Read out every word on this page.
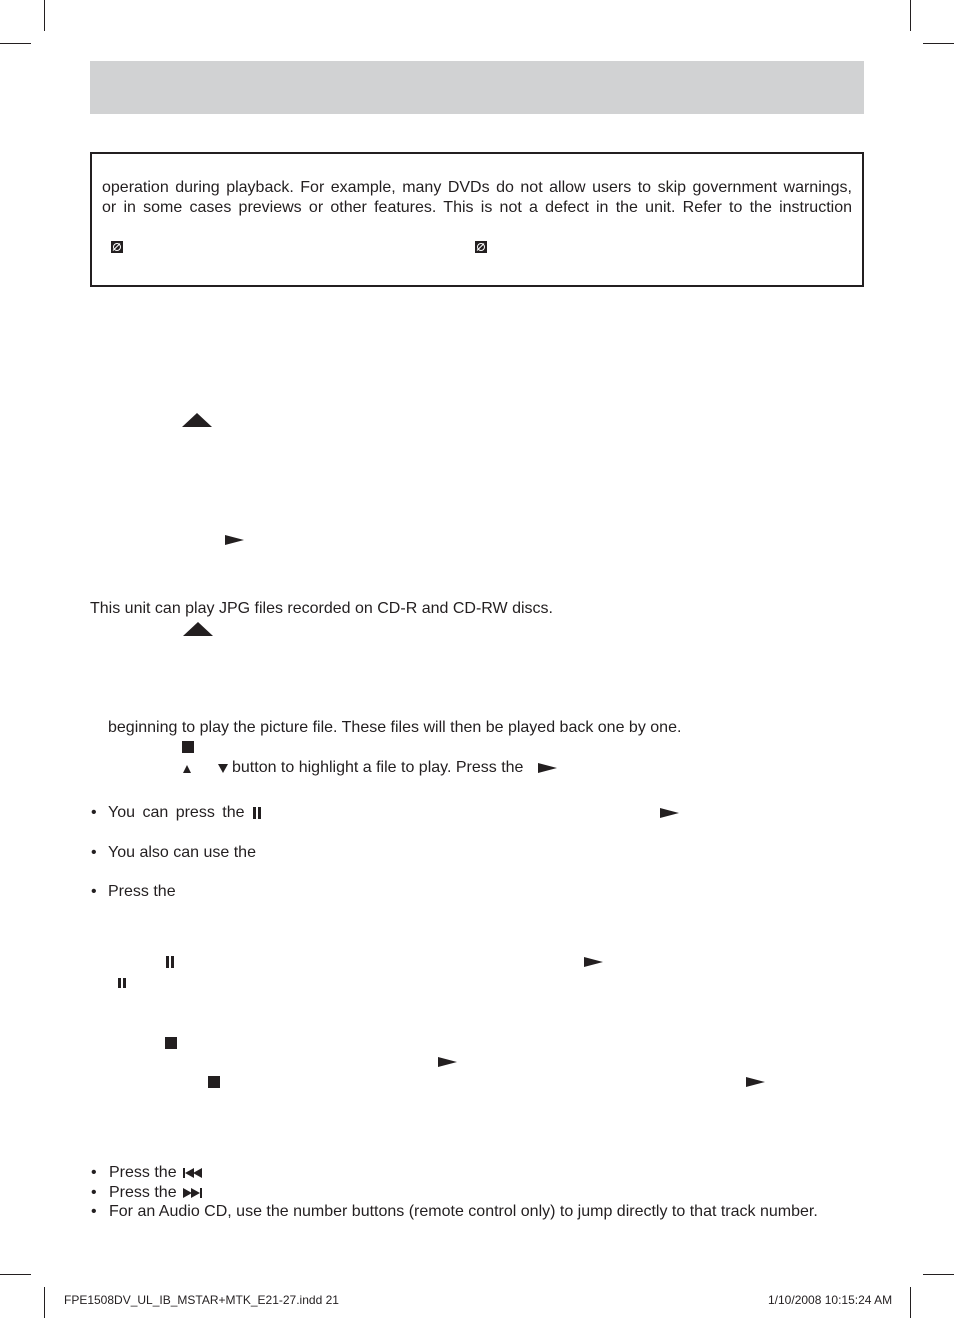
operation during playback. For example, many DVDs do not allow users to skip government warnings,
or in some cases previews or other features. This is not a defect in the unit. Refer to the instruction
This unit can play JPG files recorded on CD-R and CD-RW discs.
beginning to play the picture file. These files will then be played back one by one.
button to highlight a file to play. Press the
• You can press the
• You also can use the
• Press the
• Press the
• Press the
• For an Audio CD, use the number buttons (remote control only) to jump directly to that track number.
FPE1508DV_UL_IB_MSTAR+MTK_E21-27.indd 21	1/10/2008 10:15:24 AM
